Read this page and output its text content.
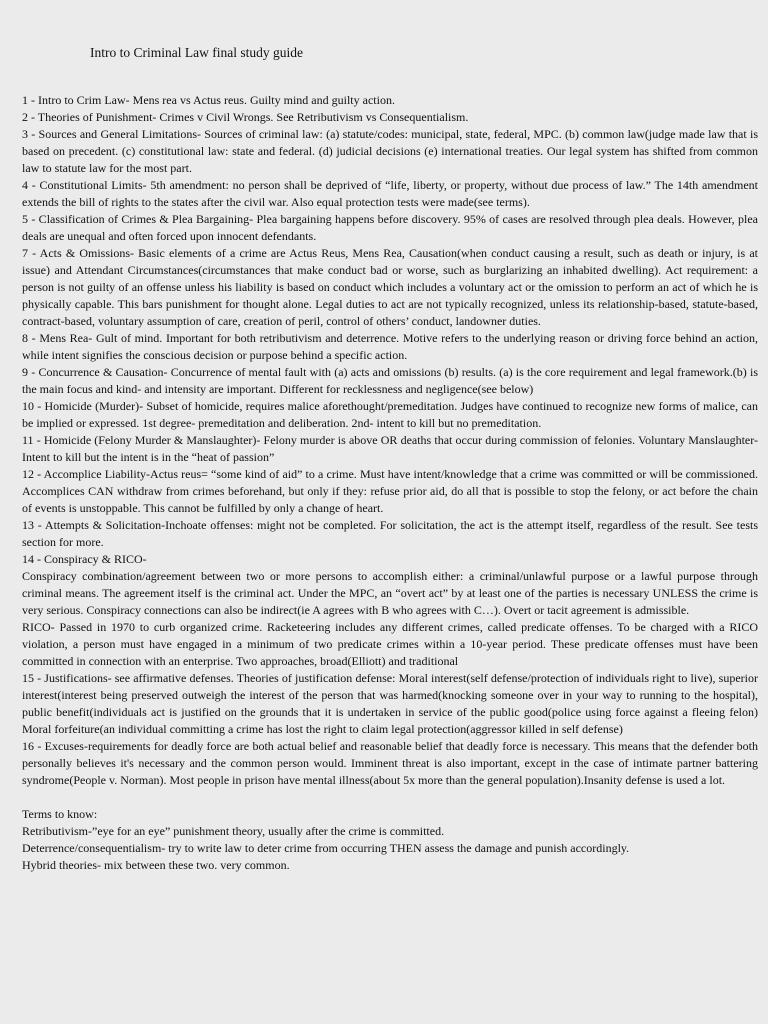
Intro to Criminal Law final study guide

1 - Intro to Crim Law- Mens rea vs Actus reus. Guilty mind and guilty action.

2 - Theories of Punishment- Crimes v Civil Wrongs. See Retributivism vs Consequentialism.

3 - Sources and General Limitations- Sources of criminal law: (a) statute/codes: municipal, state, federal, MPC. (b) common law(judge made law that is based on precedent. (c) constitutional law: state and federal. (d) judicial decisions (e) international treaties. Our legal system has shifted from common law to statute law for the most part.

4 - Constitutional Limits- 5th amendment: no person shall be deprived of “life, liberty, or property, without due process of law.” The 14th amendment extends the bill of rights to the states after the civil war. Also equal protection tests were made(see terms).

5 - Classification of Crimes & Plea Bargaining- Plea bargaining happens before discovery. 95% of cases are resolved through plea deals. However, plea deals are unequal and often forced upon innocent defendants.

7 - Acts & Omissions- Basic elements of a crime are Actus Reus, Mens Rea, Causation(when conduct causing a result, such as death or injury, is at issue) and Attendant Circumstances(circumstances that make conduct bad or worse, such as burglarizing an inhabited dwelling). Act requirement: a person is not guilty of an offense unless his liability is based on conduct which includes a voluntary act or the omission to perform an act of which he is physically capable. This bars punishment for thought alone. Legal duties to act are not typically recognized, unless its relationship-based, statute-based, contract-based, voluntary assumption of care, creation of peril, control of others’ conduct, landowner duties.

8 - Mens Rea- Gult of mind. Important for both retributivism and deterrence. Motive refers to the underlying reason or driving force behind an action, while intent signifies the conscious decision or purpose behind a specific action.

9 - Concurrence & Causation- Concurrence of mental fault with (a) acts and omissions (b) results. (a) is the core requirement and legal framework.(b) is the main focus and kind- and intensity are important. Different for recklessness and negligence(see below)

10 - Homicide (Murder)- Subset of homicide, requires malice aforethought/premeditation. Judges have continued to recognize new forms of malice, can be implied or expressed. 1st degree- premeditation and deliberation. 2nd- intent to kill but no premeditation.

11 - Homicide (Felony Murder & Manslaughter)- Felony murder is above OR deaths that occur during commission of felonies. Voluntary Manslaughter-Intent to kill but the intent is in the “heat of passion”

12 - Accomplice Liability-Actus reus= “some kind of aid” to a crime. Must have intent/knowledge that a crime was committed or will be commissioned. Accomplices CAN withdraw from crimes beforehand, but only if they: refuse prior aid, do all that is possible to stop the felony, or act before the chain of events is unstoppable. This cannot be fulfilled by only a change of heart.

13 - Attempts & Solicitation-Inchoate offenses: might not be completed. For solicitation, the act is the attempt itself, regardless of the result. See tests section for more.

14 - Conspiracy & RICO-

Conspiracy combination/agreement between two or more persons to accomplish either: a criminal/unlawful purpose or a lawful purpose through criminal means. The agreement itself is the criminal act. Under the MPC, an “overt act” by at least one of the parties is necessary UNLESS the crime is very serious. Conspiracy connections can also be indirect(ie A agrees with B who agrees with C…). Overt or tacit agreement is admissible.

RICO- Passed in 1970 to curb organized crime. Racketeering includes any different crimes, called predicate offenses. To be charged with a RICO violation, a person must have engaged in a minimum of two predicate crimes within a 10-year period. These predicate offenses must have been committed in connection with an enterprise. Two approaches, broad(Elliott) and traditional

15 - Justifications- see affirmative defenses. Theories of justification defense: Moral interest(self defense/protection of individuals right to live), superior interest(interest being preserved outweigh the interest of the person that was harmed(knocking someone over in your way to running to the hospital), public benefit(individuals act is justified on the grounds that it is undertaken in service of the public good(police using force against a fleeing felon) Moral forfeiture(an individual committing a crime has lost the right to claim legal protection(aggressor killed in self defense)

16 - Excuses-requirements for deadly force are both actual belief and reasonable belief that deadly force is necessary. This means that the defender both personally believes it's necessary and the common person would. Imminent threat is also important, except in the case of intimate partner battering syndrome(People v. Norman). Most people in prison have mental illness(about 5x more than the general population).Insanity defense is used a lot.

Terms to know:

Retributivism-”eye for an eye” punishment theory, usually after the crime is committed.

Deterrence/consequentialism- try to write law to deter crime from occurring THEN assess the damage and punish accordingly.

Hybrid theories- mix between these two. very common.
